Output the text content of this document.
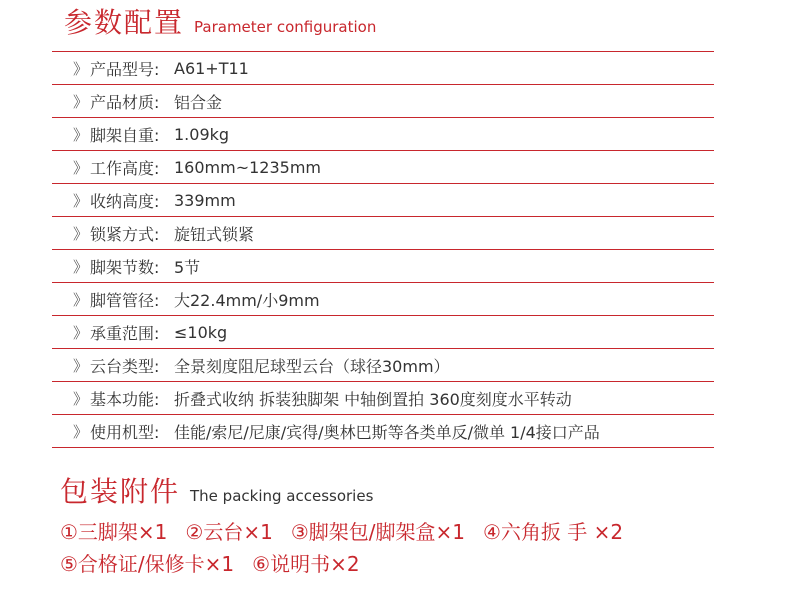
参数配置 Parameter configuration
》 产品型号: A61+T11
》 产品材质: 铝合金
》 脚架自重: 1.09kg
》 工作高度: 160mm~1235mm
》 收纳高度: 339mm
》 锁紧方式: 旋钮式锁紧
》 脚架节数: 5节
》 脚管管径: 大22.4mm/小9mm
》 承重范围: ≤10kg
》 云台类型: 全景刻度阻尼球型云台（球径30mm）
》 基本功能: 折叠式收纳 拆装独脚架 中轴倒置拍 360度刻度水平转动
》 使用机型: 佳能/索尼/尼康/宾得/奥林巴斯等各类单反/微单 1/4接口产品
包装附件 The packing accessories
①三脚架×1 ②云台×1 ③脚架包/脚架盒×1 ④六角扳 手 ×2
⑤合格证/保修卡×1 ⑥说明书×2
